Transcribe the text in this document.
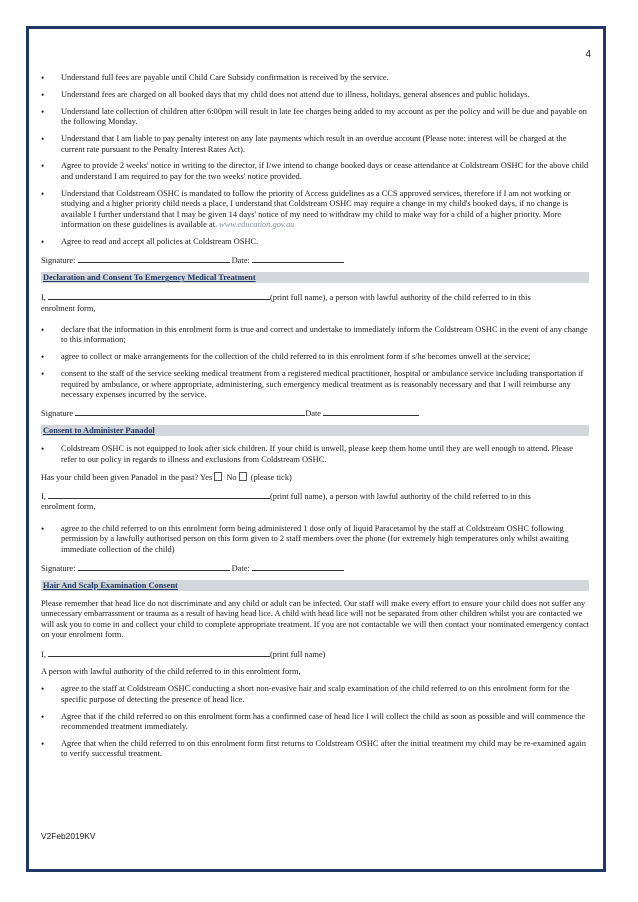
4
• Understand full fees are payable until Child Care Subsidy confirmation is received by the service.
• Understand fees are charged on all booked days that my child does not attend due to illness, holidays, general absences and public holidays.
• Understand late collection of children after 6:00pm will result in late fee charges being added to my account as per the policy and will be due and payable on the following Monday.
• Understand that I am liable to pay penalty interest on any late payments which result in an overdue account (Please note: interest will be charged at the current rate pursuant to the Penalty Interest Rates Act).
• Agree to provide 2 weeks' notice in writing to the director, if I/we intend to change booked days or cease attendance at Coldstream OSHC for the above child and understand I am required to pay for the two weeks' notice provided.
• Understand that Coldstream OSHC is mandated to follow the priority of Access guidelines as a CCS approved services, therefore if I am not working or studying and a higher priority child needs a place, I understand that Coldstream OSHC may require a change in my child's booked days, if no change is available I further understand that I may be given 14 days' notice of my need to withdraw my child to make way for a child of a higher priority. More information on these guidelines is available at. www.education.gov.au
• Agree to read and accept all policies at Coldstream OSHC.
Signature:	Date:
Declaration and Consent To Emergency Medical Treatment
I,	(print full name), a person with lawful authority of the child referred to in this
enrolment form,
• declare that the information in this enrolment form is true and correct and undertake to immediately inform the Coldstream OSHC in the event of any change to this information;
• agree to collect or make arrangements for the collection of the child referred to in this enrolment form if s/he becomes unwell at the service;
• consent to the staff of the service seeking medical treatment from a registered medical practitioner, hospital or ambulance service including transportation if required by ambulance, or where appropriate, administering, such emergency medical treatment as is reasonably necessary and that I will reimburse any necessary expenses incurred by the service.
Signature	Date
Consent to Administer Panadol
• Coldstream OSHC is not equipped to look after sick children. If your child is unwell, please keep them home until they are well enough to attend. Please refer to our policy in regards to illness and exclusions from Coldstream OSHC.
Has your child been given Panadol in the past? Yes No (please tick)
I,	(print full name), a person with lawful authority of the child referred to in this
enrolment form,
• agree to the child referred to on this enrolment form being administered 1 dose only of liquid Paracetamol by the staff at Coldstream OSHC following permission by a lawfully authorised person on this form given to 2 staff members over the phone (for extremely high temperatures only whilst awaiting immediate collection of the child)
Signature:	Date:
Hair And Scalp Examination Consent
Please remember that head lice do not discriminate and any child or adult can be infected. Our staff will make every effort to ensure your child does not suffer any unnecessary embarrassment or trauma as a result of having head lice. A child with head lice will not be separated from other children whilst you are contacted we will ask you to come in and collect your child to complete appropriate treatment. If you are not contactable we will then contact your nominated emergency contact on your enrolment form.
I,	(print full name)
A person with lawful authority of the child referred to in this enrolment form,
• agree to the staff at Coldstream OSHC conducting a short non-evasive hair and scalp examination of the child referred to on this enrolment form for the specific purpose of detecting the presence of head lice.
• Agree that if the child referred to on this enrolment form has a confirmed case of head lice I will collect the child as soon as possible and will commence the recommended treatment immediately.
• Agree that when the child referred to on this enrolment form first returns to Coldstream OSHC after the initial treatment my child may be re-examined again to verify successful treatment.
V2Feb2019KV
